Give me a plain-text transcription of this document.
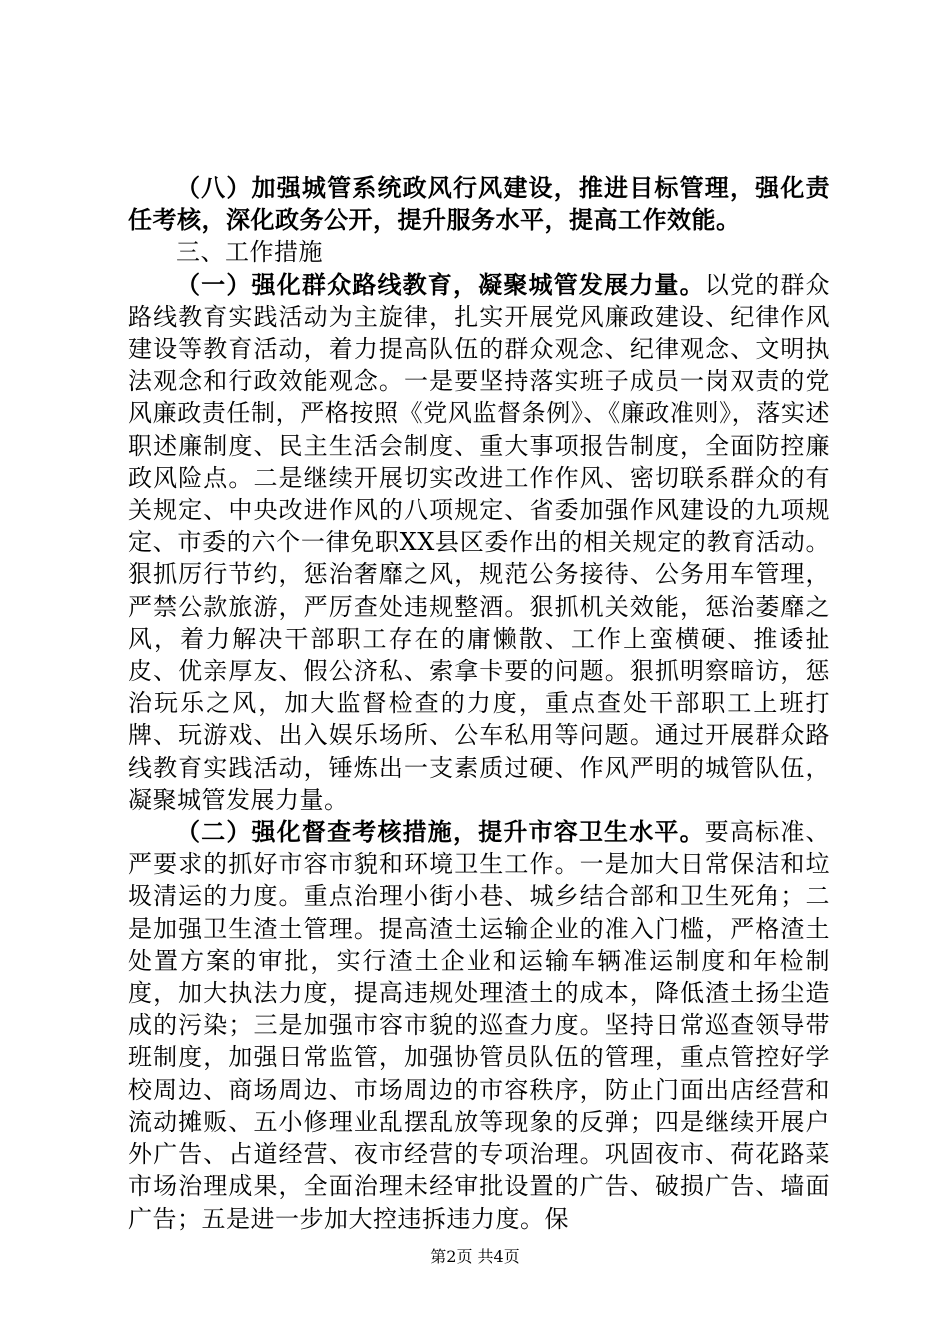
（八）加强城管系统政风行风建设，推进目标管理，强化责任考核，深化政务公开，提升服务水平，提高工作效能。

三、工作措施

（一）强化群众路线教育，凝聚城管发展力量。以党的群众路线教育实践活动为主旋律，扎实开展党风廉政建设、纪律作风建设等教育活动，着力提高队伍的群众观念、纪律观念、文明执法观念和行政效能观念。一是要坚持落实班子成员一岗双责的党风廉政责任制，严格按照《党风监督条例》、《廉政准则》，落实述职述廉制度、民主生活会制度、重大事项报告制度，全面防控廉政风险点。二是继续开展切实改进工作作风、密切联系群众的有关规定、中央改进作风的八项规定、省委加强作风建设的九项规定、市委的六个一律免职XX县区委作出的相关规定的教育活动。狠抓厉行节约，惩治奢靡之风，规范公务接待、公务用车管理，严禁公款旅游，严厉查处违规整酒。狠抓机关效能，惩治萎靡之风，着力解决干部职工存在的庸懒散、工作上蛮横硬、推诿扯皮、优亲厚友、假公济私、索拿卡要的问题。狠抓明察暗访，惩治玩乐之风，加大监督检查的力度，重点查处干部职工上班打牌、玩游戏、出入娱乐场所、公车私用等问题。通过开展群众路线教育实践活动，锤炼出一支素质过硬、作风严明的城管队伍，凝聚城管发展力量。

（二）强化督查考核措施，提升市容卫生水平。要高标准、严要求的抓好市容市貌和环境卫生工作。一是加大日常保洁和垃圾清运的力度。重点治理小街小巷、城乡结合部和卫生死角；二是加强卫生渣土管理。提高渣土运输企业的准入门槛，严格渣土处置方案的审批，实行渣土企业和运输车辆准运制度和年检制度，加大执法力度，提高违规处理渣土的成本，降低渣土扬尘造成的污染；三是加强市容市貌的巡查力度。坚持日常巡查领导带班制度，加强日常监管，加强协管员队伍的管理，重点管控好学校周边、商场周边、市场周边的市容秩序，防止门面出店经营和流动摊贩、五小修理业乱摆乱放等现象的反弹；四是继续开展户外广告、占道经营、夜市经营的专项治理。巩固夜市、荷花路菜市场治理成果，全面治理未经审批设置的广告、破损广告、墙面广告；五是进一步加大控违拆违力度。保

第2页 共4页
